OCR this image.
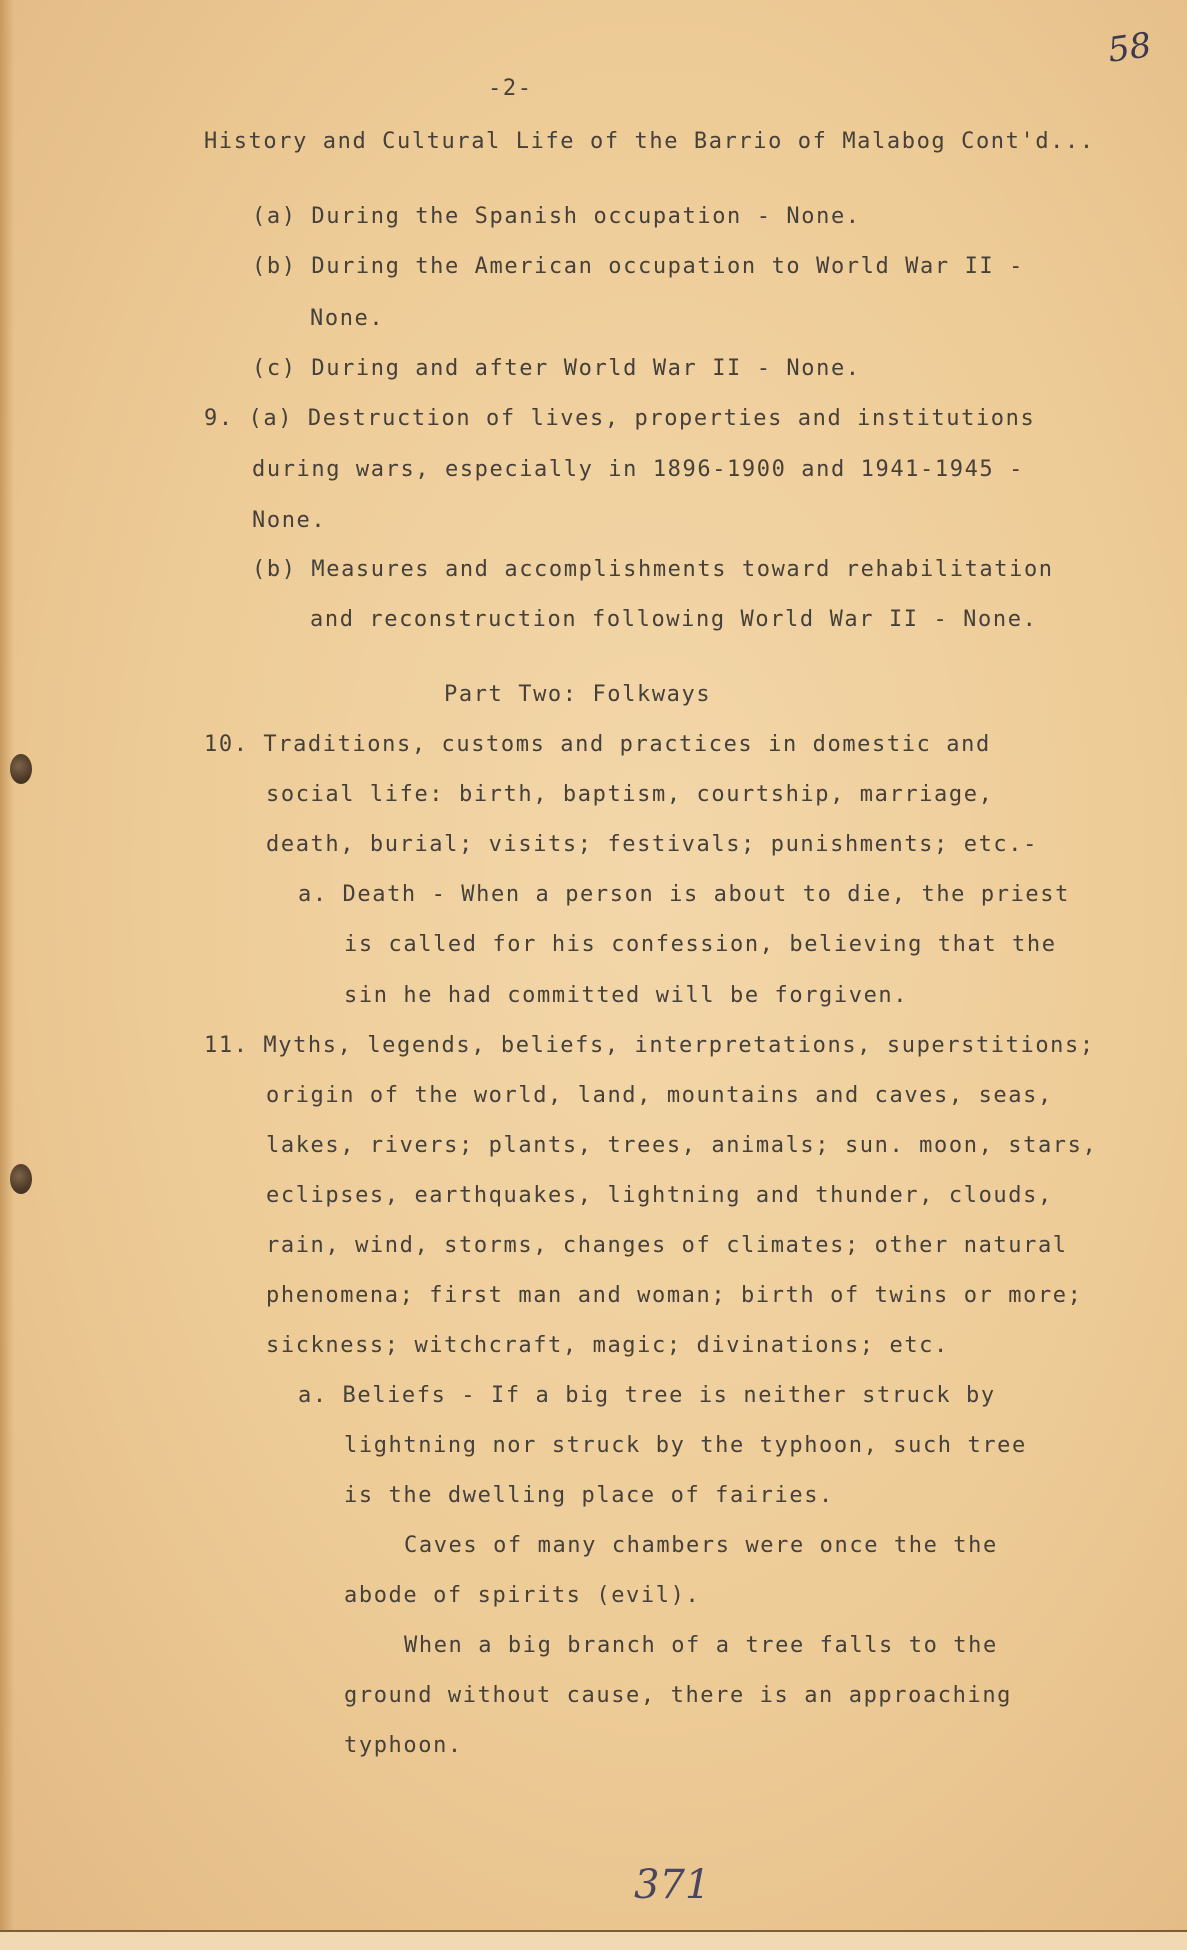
58
-2-
History and Cultural Life of the Barrio of Malabog Cont'd...
(a) During the Spanish occupation - None.
(b) During the American occupation to World War II -
None.
(c) During and after World War II - None.
9. (a) Destruction of lives, properties and institutions
during wars, especially in 1896-1900 and 1941-1945 -
None.
(b) Measures and accomplishments toward rehabilitation
and reconstruction following World War II - None.
Part Two: Folkways
10. Traditions, customs and practices in domestic and
social life: birth, baptism, courtship, marriage,
death, burial; visits; festivals; punishments; etc.-
a. Death - When a person is about to die, the priest
is called for his confession, believing that the
sin he had committed will be forgiven.
11. Myths, legends, beliefs, interpretations, superstitions;
origin of the world, land, mountains and caves, seas,
lakes, rivers; plants, trees, animals; sun. moon, stars,
eclipses, earthquakes, lightning and thunder, clouds,
rain, wind, storms, changes of climates; other natural
phenomena; first man and woman; birth of twins or more;
sickness; witchcraft, magic; divinations; etc.
a. Beliefs - If a big tree is neither struck by
lightning nor struck by the typhoon, such tree
is the dwelling place of fairies.
Caves of many chambers were once the the
abode of spirits (evil).
When a big branch of a tree falls to the
ground without cause, there is an approaching
typhoon.
371
